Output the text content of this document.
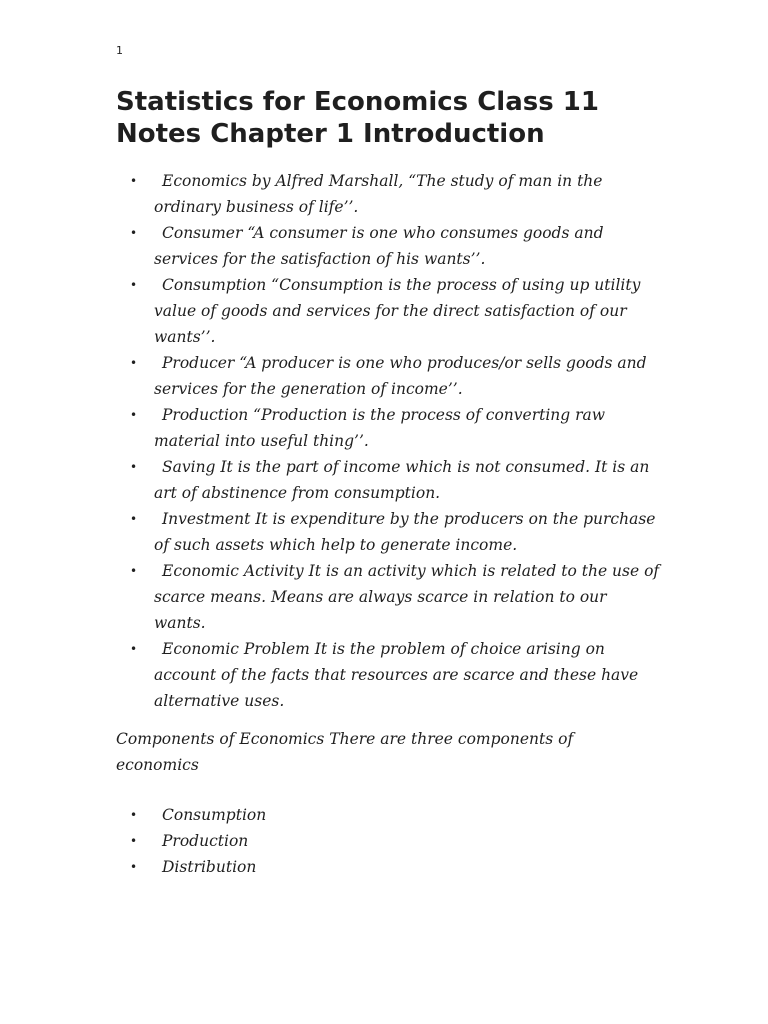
1
Statistics for Economics Class 11
Notes Chapter 1 Introduction
•	Economics by Alfred Marshall, “The study of man in the ordinary business of life’’.
•	Consumer “A consumer is one who consumes goods and services for the satisfaction of his wants’’.
•	Consumption “Consumption is the process of using up utility value of goods and services for the direct satisfaction of our wants’’.
•	Producer “A producer is one who produces/or sells goods and services for the generation of income’’.
•	Production “Production is the process of converting raw material into useful thing’’.
•	Saving It is the part of income which is not consumed. It is an art of abstinence from consumption.
•	Investment It is expenditure by the producers on the purchase of such assets which help to generate income.
•	Economic Activity It is an activity which is related to the use of scarce means. Means are always scarce in relation to our wants.
•	Economic Problem It is the problem of choice arising on account of the facts that resources are scarce and these have alternative uses.

Components of Economics There are three components of economics

• Consumption
• Production
• Distribution
